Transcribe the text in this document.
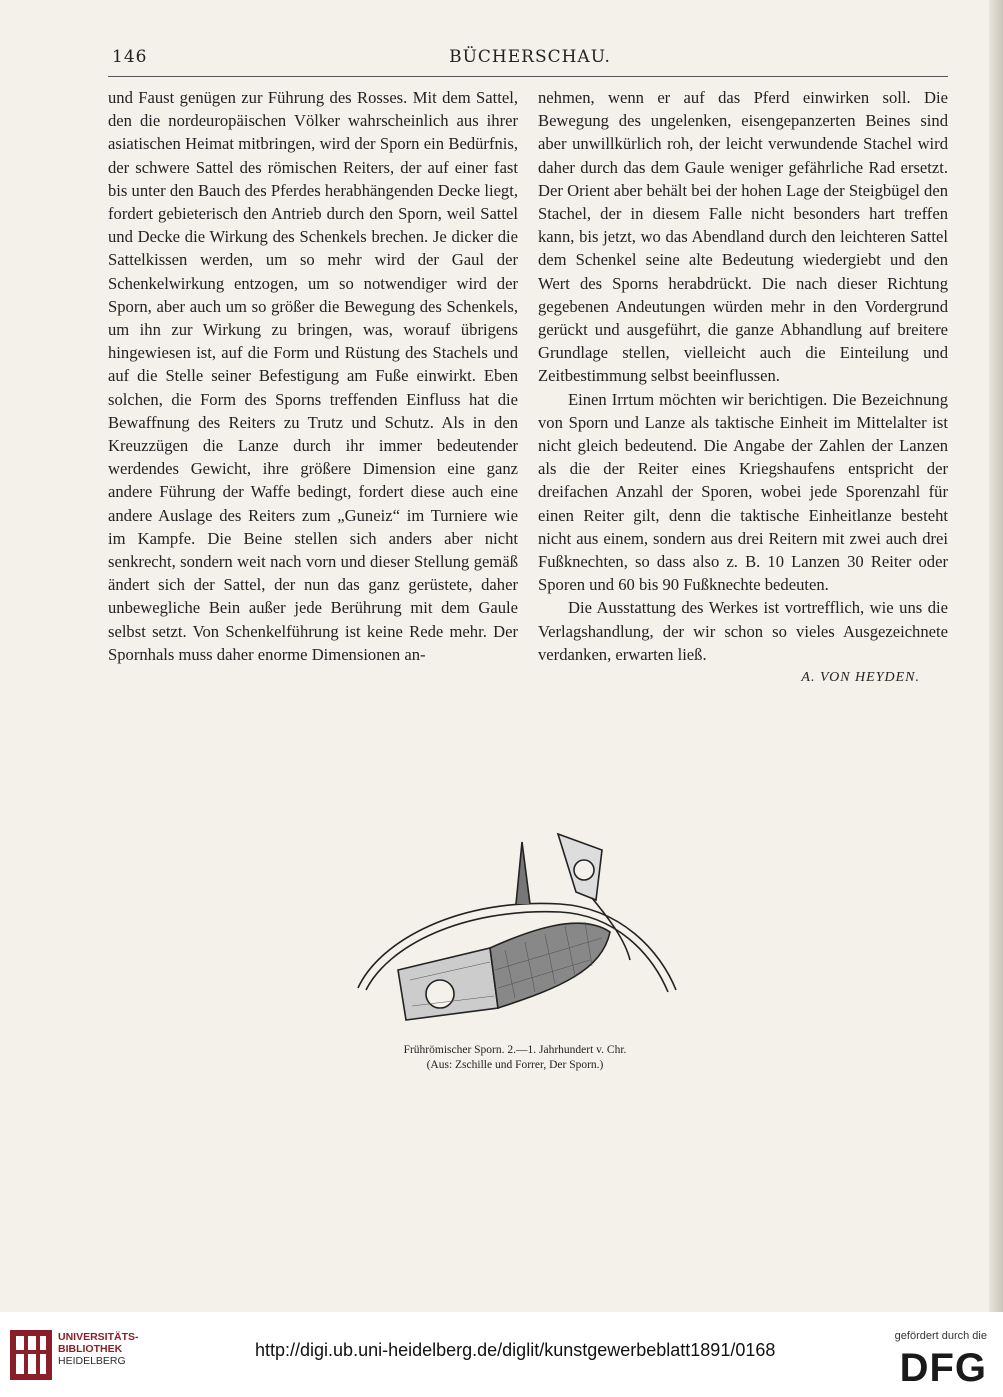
146	BÜCHERSCHAU.

und Faust genügen zur Führung des Rosses. Mit dem Sattel, den die nordeuropäischen Völker wahrscheinlich aus ihrer asiatischen Heimat mitbringen, wird der Sporn ein Bedürfnis, der schwere Sattel des römischen Reiters, der auf einer fast bis unter den Bauch des Pferdes herabhängenden Decke liegt, fordert gebieterisch den Antrieb durch den Sporn, weil Sattel und Decke die Wirkung des Schenkels brechen. Je dicker die Sattelkissen werden, um so mehr wird der Gaul der Schenkelwirkung entzogen, um so notwendiger wird der Sporn, aber auch um so größer die Bewegung des Schenkels, um ihn zur Wirkung zu bringen, was, worauf übrigens hingewiesen ist, auf die Form und Rüstung des Stachels und auf die Stelle seiner Befestigung am Fuße einwirkt. Eben solchen, die Form des Sporns treffenden Einfluss hat die Bewaffnung des Reiters zu Trutz und Schutz. Als in den Kreuzzügen die Lanze durch ihr immer bedeutender werdendes Gewicht, ihre größere Dimension eine ganz andere Führung der Waffe bedingt, fordert diese auch eine andere Auslage des Reiters zum „Guneiz“ im Turniere wie im Kampfe. Die Beine stellen sich anders aber nicht senkrecht, sondern weit nach vorn und dieser Stellung gemäß ändert sich der Sattel, der nun das ganz gerüstete, daher unbewegliche Bein außer jede Berührung mit dem Gaule selbst setzt. Von Schenkelführung ist keine Rede mehr. Der Spornhals muss daher enorme Dimensionen an-

nehmen, wenn er auf das Pferd einwirken soll. Die Bewegung des ungelenken, eisengepanzerten Beines sind aber unwillkürlich roh, der leicht verwundende Stachel wird daher durch das dem Gaule weniger gefährliche Rad ersetzt. Der Orient aber behält bei der hohen Lage der Steigbügel den Stachel, der in diesem Falle nicht besonders hart treffen kann, bis jetzt, wo das Abendland durch den leichteren Sattel dem Schenkel seine alte Bedeutung wiedergiebt und den Wert des Sporns herabdrückt. Die nach dieser Richtung gegebenen Andeutungen würden mehr in den Vordergrund gerückt und ausgeführt, die ganze Abhandlung auf breitere Grundlage stellen, vielleicht auch die Einteilung und Zeitbestimmung selbst beeinflussen.

Einen Irrtum möchten wir berichtigen. Die Bezeichnung von Sporn und Lanze als taktische Einheit im Mittelalter ist nicht gleich bedeutend. Die Angabe der Zahlen der Lanzen als die der Reiter eines Kriegshaufens entspricht der dreifachen Anzahl der Sporen, wobei jede Sporenzahl für einen Reiter gilt, denn die taktische Einheitlanze besteht nicht aus einem, sondern aus drei Reitern mit zwei auch drei Fußknechten, so dass also z. B. 10 Lanzen 30 Reiter oder Sporen und 60 bis 90 Fußknechte bedeuten.

Die Ausstattung des Werkes ist vortrefflich, wie uns die Verlagshandlung, der wir schon so vieles Ausgezeichnete verdanken, erwarten ließ.

A. VON HEYDEN.

Frührömischer Sporn. 2.—1. Jahrhundert v. Chr.
(Aus: Zschille und Forrer, Der Sporn.)
UNIVERSITÄTS-
BIBLIOTHEK
HEIDELBERG
http://digi.ub.uni-heidelberg.de/diglit/kunstgewerbeblatt1891/0168
gefördert durch die
DFG
